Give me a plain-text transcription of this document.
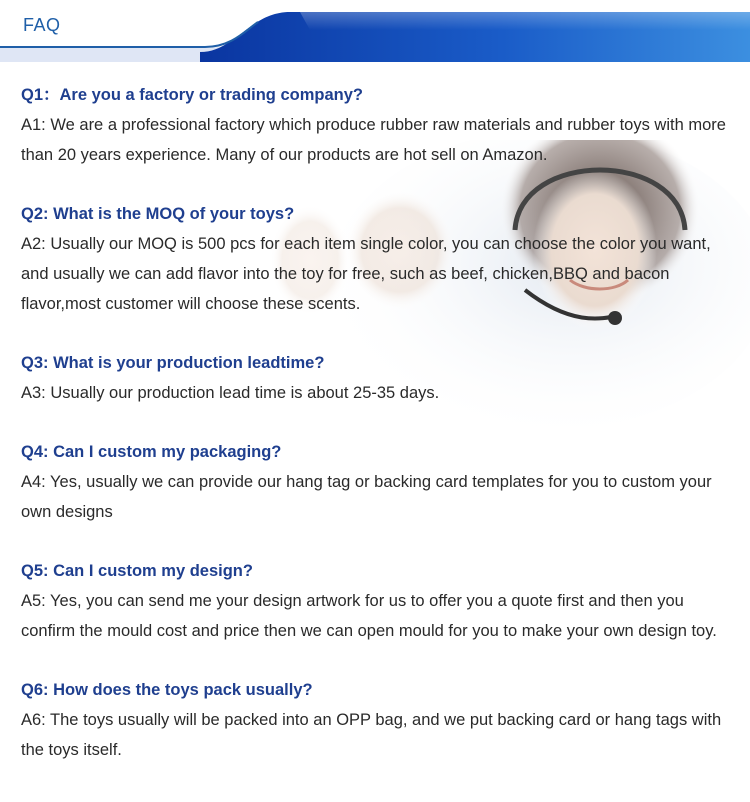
FAQ

Q1：Are you a factory or trading company?

A1: We are a professional factory which produce rubber raw materials and rubber toys with more than 20 years experience. Many of our products are hot sell on Amazon.

Q2: What is the MOQ of your toys?

A2: Usually our MOQ is 500 pcs for each item single color, you can choose the color you want, and usually we can add flavor into the toy for free, such as beef, chicken,BBQ and bacon flavor,most customer will choose these scents.

Q3: What is your production leadtime?

A3: Usually our production lead time is about 25-35 days.

Q4: Can I custom my packaging?

A4: Yes, usually we can provide our hang tag or backing card templates for you to custom your own designs

Q5: Can I custom my design?

A5: Yes, you can send me your design artwork for us to offer you a quote first and then you confirm the mould cost and price then we can open mould for you to make your own design toy.

Q6: How does the toys pack usually?

A6: The toys usually will be packed into an OPP bag, and we put backing card or hang tags with the toys itself.
